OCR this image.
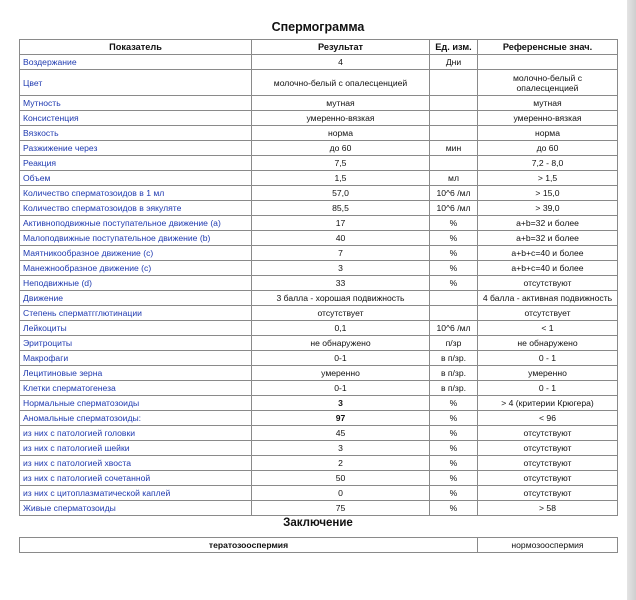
Спермограмма
Показатель	Результат	Ед. изм.	Референсные знач.
Воздержание	4	Дни	
Цвет	молочно-белый с опалесценцией		молочно-белый с опалесценцией
Мутность	мутная		мутная
Консистенция	умеренно-вязкая		умеренно-вязкая
Вязкость	норма		норма
Разжижение через	до 60	мин	до 60
Реакция	7,5		7,2 - 8,0
Объем	1,5	мл	> 1,5
Количество сперматозоидов в 1 мл	57,0	10^6 /мл	> 15,0
Количество сперматозоидов в эякуляте	85,5	10^6 /мл	> 39,0
Активноподвижные поступательное движение (a)	17	%	a+b=32 и более
Малоподвижные поступательное движение (b)	40	%	a+b=32 и более
Маятникообразное движение (c)	7	%	a+b+c=40 и более
Манежнообразное движение (c)	3	%	a+b+c=40 и более
Неподвижные (d)	33	%	отсутствуют
Движение	3 балла - хорошая подвижность		4 балла - активная подвижность
Степень сперматгглютинации	отсутствует		отсутствует
Лейкоциты	0,1	10^6 /мл	< 1
Эритроциты	не обнаружено	п/зр	не обнаружено
Макрофаги	0-1	в п/зр.	0 - 1
Лецитиновые зерна	умеренно	в п/зр.	умеренно
Клетки сперматогенеза	0-1	в п/зр.	0 - 1
Нормальные сперматозоиды	3	%	> 4 (критерии Крюгера)
Аномальные сперматозоиды:	97	%	< 96
из них с патологией головки	45	%	отсутствуют
из них с патологией шейки	3	%	отсутствуют
из них с патологией хвоста	2	%	отсутствуют
из них с патологией сочетанной	50	%	отсутствуют
из них с цитоплазматической каплей	0	%	отсутствуют
Живые сперматозоиды	75	%	> 58
Заключение
тератозооспермия	нормозооспермия
